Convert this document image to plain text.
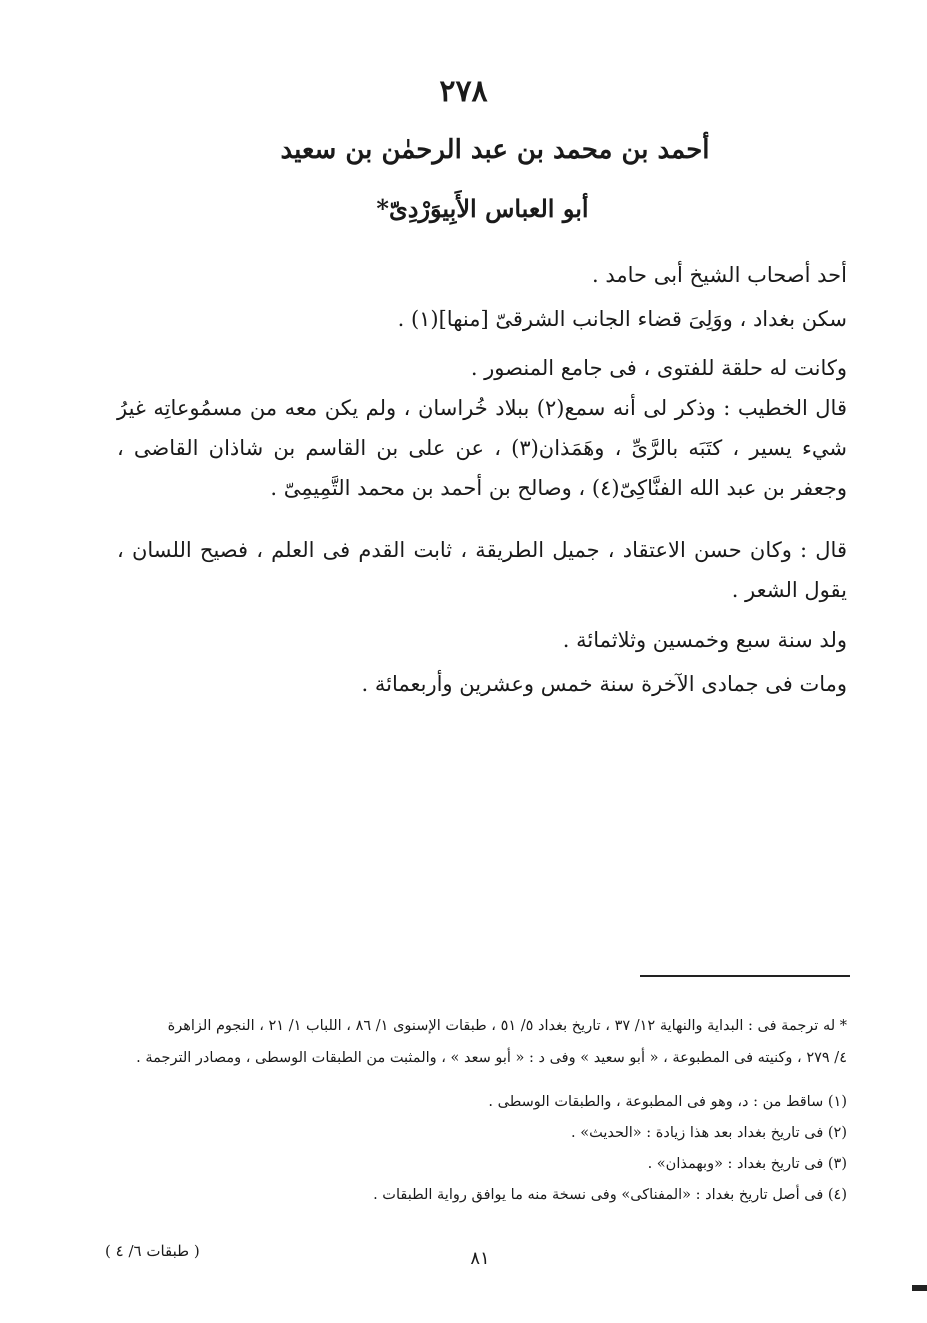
٢٧٨
أحمد بن محمد بن عبد الرحمٰن بن سعيد
أبو العباس الأَبِيوَرْدِىّ*

أحد أصحاب الشيخ أبى حامد .

سكن بغداد ، ووَلِىَ قضاء الجانب الشرقىّ [منها](١) .

وكانت له حلقة للفتوى ، فى جامع المنصور .

قال الخطيب : وذكر لى أنه سمع(٢) ببلاد خُراسان ، ولم يكن معه من مسمُوعاتِه غيرُ شيء يسير ، كتَبَه بالرَّىِّ ، وهَمَذان(٣) ، عن على بن القاسم بن شاذان القاضى ، وجعفر بن عبد الله الفنَّاكِىّ(٤) ، وصالح بن أحمد بن محمد التَّمِيمِىّ .

قال : وكان حسن الاعتقاد ، جميل الطريقة ، ثابت القدم فى العلم ، فصيح اللسان ، يقول الشعر .

ولد سنة سبع وخمسين وثلاثمائة .

ومات فى جمادى الآخرة سنة خمس وعشرين وأربعمائة .

* له ترجمة فى : البداية والنهاية ١٢/ ٣٧ ، تاريخ بغداد ٥/ ٥١ ، طبقات الإسنوى ١/ ٨٦ ، اللباب ١/ ٢١ ، النجوم الزاهرة
٤/ ٢٧٩ ، وكنيته فى المطبوعة ، « أبو سعيد » وفى د : « أبو سعد » ، والمثبت من الطبقات الوسطى ، ومصادر الترجمة .
(١) ساقط من : د، وهو فى المطبوعة ، والطبقات الوسطى .
(٢) فى تاريخ بغداد بعد هذا زيادة : «الحديث» .
(٣) فى تاريخ بغداد : «وبهمذان» .
(٤) فى أصل تاريخ بغداد : «المفناكى» وفى نسخة منه ما يوافق رواية الطبقات .
٨١
( طبقات ٦/ ٤ )
